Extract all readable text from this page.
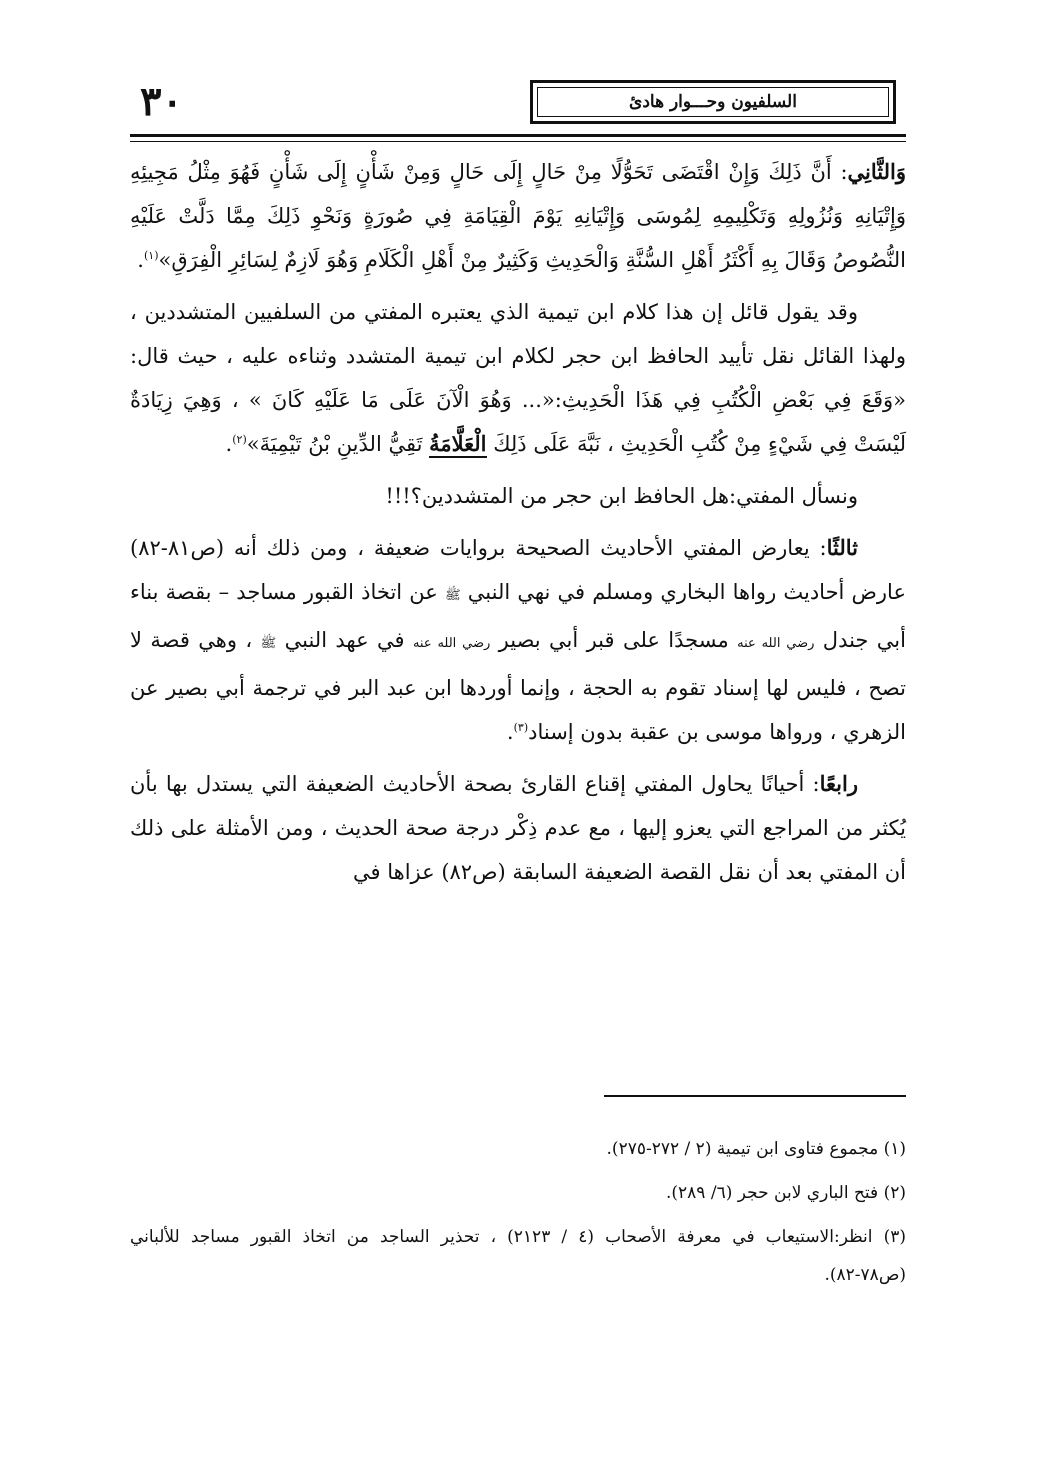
٣٠	السلفيون وحـــوار هادئ

وَالثَّانِي: أَنَّ ذَلِكَ وَإِنْ اقْتَضَى تَحَوُّلًا مِنْ حَالٍ إِلَى حَالٍ وَمِنْ شَأْنٍ إِلَى شَأْنٍ فَهُوَ مِثْلُ مَجِيئِهِ وَإِتْيَانِهِ وَنُزُولِهِ وَتَكْلِيمِهِ لِمُوسَى وَإِتْيَانِهِ يَوْمَ الْقِيَامَةِ فِي صُورَةٍ وَنَحْوِ ذَلِكَ مِمَّا دَلَّتْ عَلَيْهِ النُّصُوصُ وَقَالَ بِهِ أَكْثَرُ أَهْلِ السُّنَّةِ وَالْحَدِيثِ وَكَثِيرٌ مِنْ أَهْلِ الْكَلَامِ وَهُوَ لَازِمٌ لِسَائِرِ الْفِرَقِ»$^{(١)}$.

وقد يقول قائل إن هذا كلام ابن تيمية الذي يعتبره المفتي من السلفيين المتشددين ، ولهذا القائل نقل تأييد الحافظ ابن حجر لكلام ابن تيمية المتشدد وثناءه عليه ، حيث قال: «وَقَعَ فِي بَعْضِ الْكُتُبِ فِي هَذَا الْحَدِيثِ:«... وَهُوَ الْآنَ عَلَى مَا عَلَيْهِ كَانَ » ، وَهِيَ زِيَادَةٌ لَيْسَتْ فِي شَيْءٍ مِنْ كُتُبِ الْحَدِيثِ ، نَبَّهَ عَلَى ذَلِكَ الْعَلَّامَةُ تَقِيُّ الدِّينِ بْنُ تَيْمِيَةَ»$^{(٢)}$.

ونسأل المفتي:هل الحافظ ابن حجر من المتشددين؟!!!

ثالثًا: يعارض المفتي الأحاديث الصحيحة بروايات ضعيفة ، ومن ذلك أنه (ص٨١-٨٢) عارض أحاديث رواها البخاري ومسلم في نهي النبي ﷺ عن اتخاذ القبور مساجد – بقصة بناء أبي جندل رضي الله عنه مسجدًا على قبر أبي بصير رضي الله عنه في عهد النبي ﷺ ، وهي قصة لا تصح ، فليس لها إسناد تقوم به الحجة ، وإنما أوردها ابن عبد البر في ترجمة أبي بصير عن الزهري ، ورواها موسى بن عقبة بدون إسناد$^{(٣)}$.

رابعًا: أحيانًا يحاول المفتي إقناع القارئ بصحة الأحاديث الضعيفة التي يستدل بها بأن يُكثر من المراجع التي يعزو إليها ، مع عدم ذِكْر درجة صحة الحديث ، ومن الأمثلة على ذلك أن المفتي بعد أن نقل القصة الضعيفة السابقة (ص٨٢) عزاها في

(١) مجموع فتاوى ابن تيمية (٢ / ٢٧٢-٢٧٥).

(٢) فتح الباري لابن حجر (٦/ ٢٨٩).

(٣) انظر:الاستيعاب في معرفة الأصحاب (٤ / ٢١٢٣) ، تحذير الساجد من اتخاذ القبور مساجد للألباني (ص٧٨-٨٢).
